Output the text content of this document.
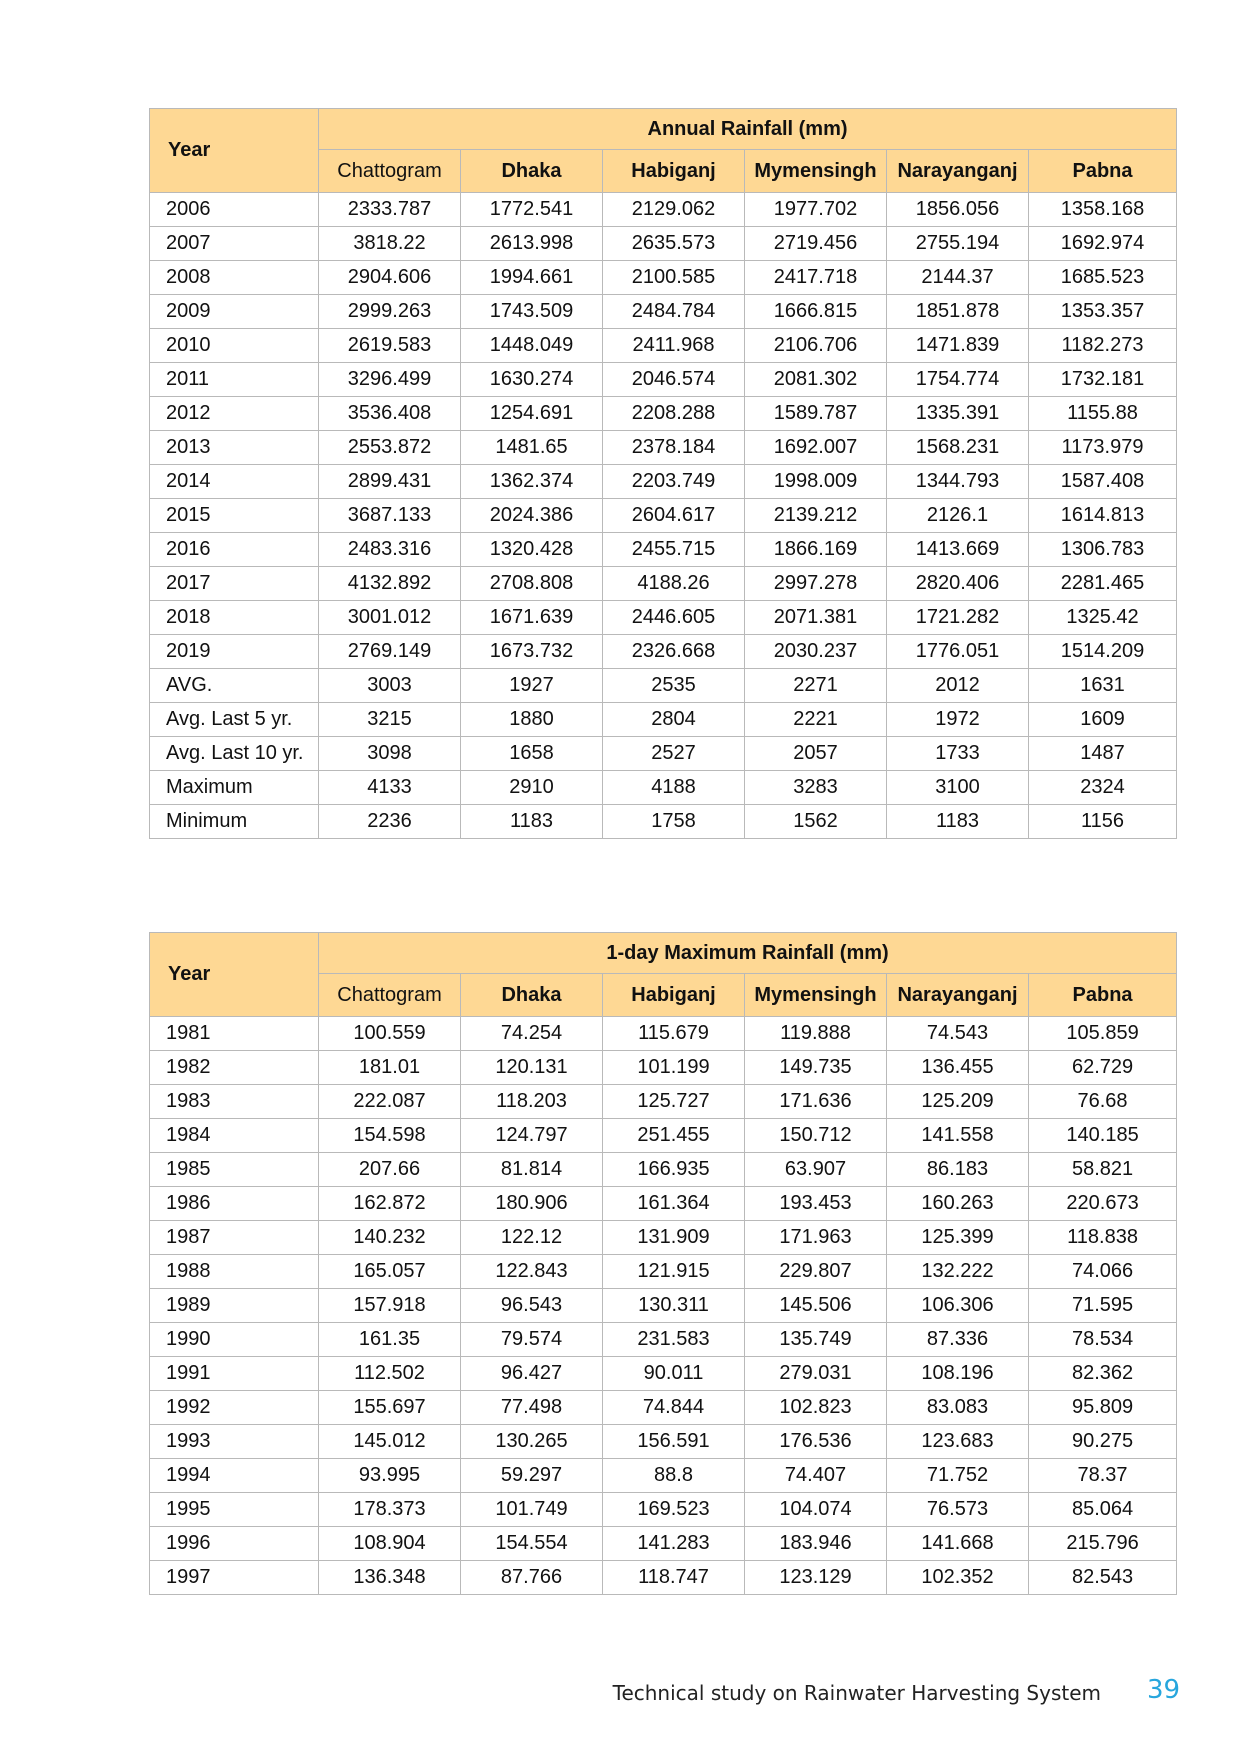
Year	Annual Rainfall (mm)					
	Chattogram	Dhaka	Habiganj	Mymensingh	Narayanganj	Pabna
2006	2333.787	1772.541	2129.062	1977.702	1856.056	1358.168
2007	3818.22	2613.998	2635.573	2719.456	2755.194	1692.974
2008	2904.606	1994.661	2100.585	2417.718	2144.37	1685.523
2009	2999.263	1743.509	2484.784	1666.815	1851.878	1353.357
2010	2619.583	1448.049	2411.968	2106.706	1471.839	1182.273
2011	3296.499	1630.274	2046.574	2081.302	1754.774	1732.181
2012	3536.408	1254.691	2208.288	1589.787	1335.391	1155.88
2013	2553.872	1481.65	2378.184	1692.007	1568.231	1173.979
2014	2899.431	1362.374	2203.749	1998.009	1344.793	1587.408
2015	3687.133	2024.386	2604.617	2139.212	2126.1	1614.813
2016	2483.316	1320.428	2455.715	1866.169	1413.669	1306.783
2017	4132.892	2708.808	4188.26	2997.278	2820.406	2281.465
2018	3001.012	1671.639	2446.605	2071.381	1721.282	1325.42
2019	2769.149	1673.732	2326.668	2030.237	1776.051	1514.209
AVG.	3003	1927	2535	2271	2012	1631
Avg. Last 5 yr.	3215	1880	2804	2221	1972	1609
Avg. Last 10 yr.	3098	1658	2527	2057	1733	1487
Maximum	4133	2910	4188	3283	3100	2324
Minimum	2236	1183	1758	1562	1183	1156
Year	1-day Maximum Rainfall (mm)					
	Chattogram	Dhaka	Habiganj	Mymensingh	Narayanganj	Pabna
1981	100.559	74.254	115.679	119.888	74.543	105.859
1982	181.01	120.131	101.199	149.735	136.455	62.729
1983	222.087	118.203	125.727	171.636	125.209	76.68
1984	154.598	124.797	251.455	150.712	141.558	140.185
1985	207.66	81.814	166.935	63.907	86.183	58.821
1986	162.872	180.906	161.364	193.453	160.263	220.673
1987	140.232	122.12	131.909	171.963	125.399	118.838
1988	165.057	122.843	121.915	229.807	132.222	74.066
1989	157.918	96.543	130.311	145.506	106.306	71.595
1990	161.35	79.574	231.583	135.749	87.336	78.534
1991	112.502	96.427	90.011	279.031	108.196	82.362
1992	155.697	77.498	74.844	102.823	83.083	95.809
1993	145.012	130.265	156.591	176.536	123.683	90.275
1994	93.995	59.297	88.8	74.407	71.752	78.37
1995	178.373	101.749	169.523	104.074	76.573	85.064
1996	108.904	154.554	141.283	183.946	141.668	215.796
1997	136.348	87.766	118.747	123.129	102.352	82.543
Technical study on Rainwater Harvesting System 39
